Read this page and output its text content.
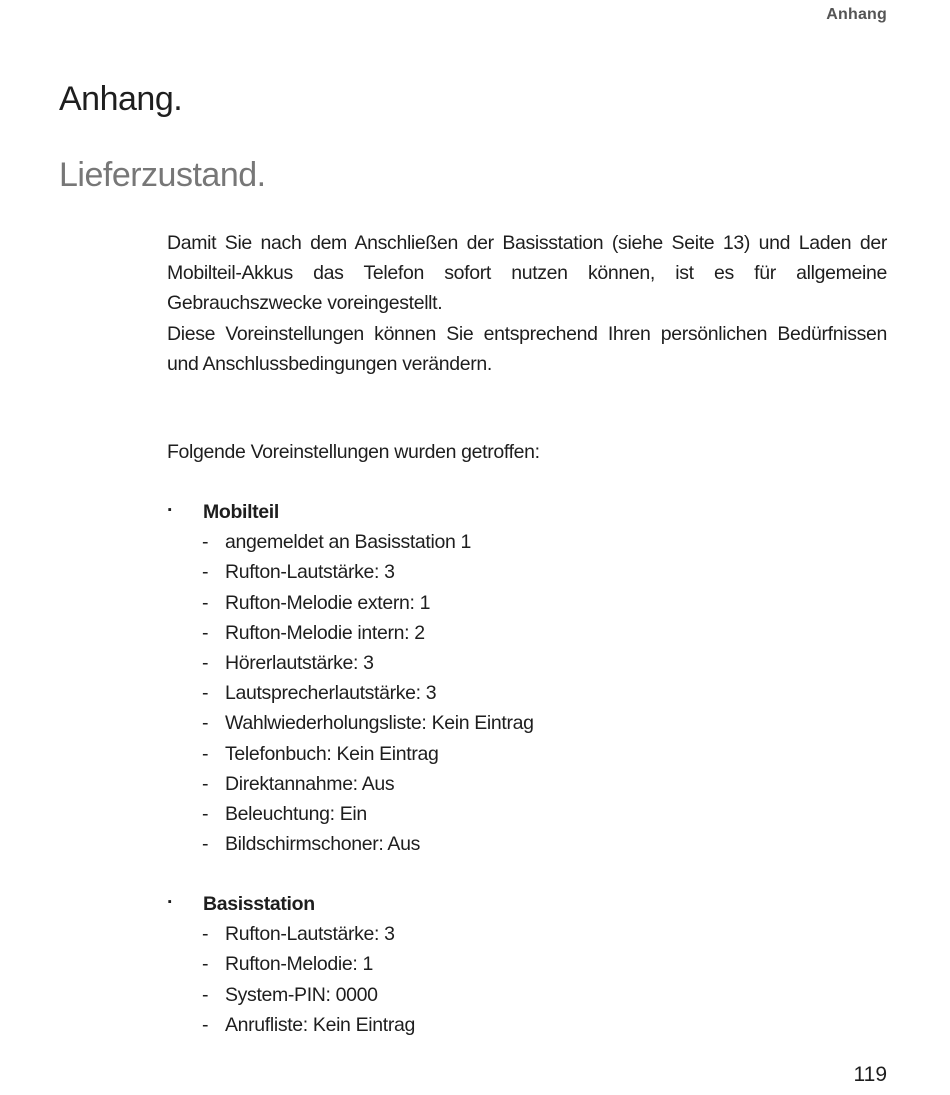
Anhang
Anhang.
Lieferzustand.

Damit Sie nach dem Anschließen der Basisstation (siehe Seite 13) und Laden der Mobilteil-Akkus das Telefon sofort nutzen können, ist es für allgemeine Gebrauchszwecke voreingestellt.

Diese Voreinstellungen können Sie entsprechend Ihren persönlichen Bedürfnissen und Anschlussbedingungen verändern.

Folgende Voreinstellungen wurden getroffen:

· Mobilteil
- angemeldet an Basisstation 1
- Rufton-Lautstärke: 3
- Rufton-Melodie extern: 1
- Rufton-Melodie intern: 2
- Hörerlautstärke: 3
- Lautsprecherlautstärke: 3
- Wahlwiederholungsliste: Kein Eintrag
- Telefonbuch: Kein Eintrag
- Direktannahme: Aus
- Beleuchtung: Ein
- Bildschirmschoner: Aus
· Basisstation
- Rufton-Lautstärke: 3
- Rufton-Melodie: 1
- System-PIN: 0000
- Anrufliste: Kein Eintrag
119
